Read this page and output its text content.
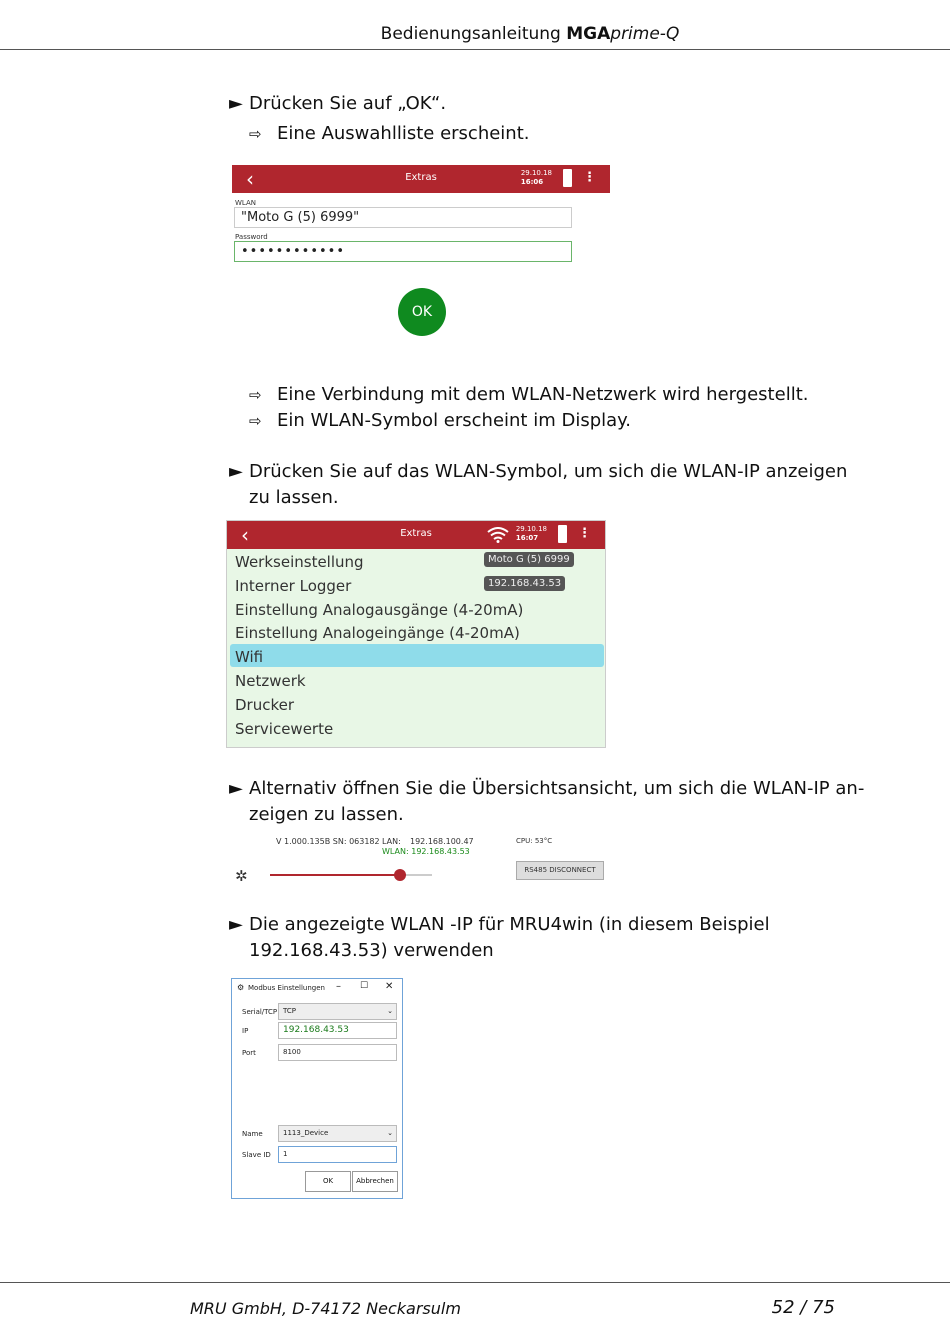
Bedienungsanleitung MGAprime-Q
► Drücken Sie auf „OK“.
⇨ Eine Auswahlliste erscheint.
‹	Extras	29.10.18
16:06	⋮
WLAN
"Moto G (5) 6999"
Password
••••••••••••
OK
⇨ Eine Verbindung mit dem WLAN-Netzwerk wird hergestellt.
⇨ Ein WLAN-Symbol erscheint im Display.
► Drücken Sie auf das WLAN-Symbol, um sich die WLAN-IP anzeigen
zu lassen.
‹	Extras	29.10.18
16:07	⋮
Werkseinstellung
Interner Logger
Einstellung Analogausgänge (4-20mA)
Einstellung Analogeingänge (4-20mA)
Wifi
Netzwerk
Drucker
Servicewerte
Moto G (5) 6999
192.168.43.53
► Alternativ öffnen Sie die Übersichtsansicht, um sich die WLAN-IP an-
zeigen zu lassen.
V 1.000.135B SN: 063182 LAN: 192.168.100.47
WLAN: 192.168.43.53
CPU: 53°C
✲	RS485 DISCONNECT
► Die angezeigte WLAN -IP für MRU4win (in diesem Beispiel
192.168.43.53) verwenden
⚙ Modbus Einstellungen – ☐ ✕
Serial/TCP TCP	⌄
IP	192.168.43.53
Port	8100
Name	1113_Device	⌄
Slave ID	1
OK	Abbrechen
MRU GmbH, D-74172 Neckarsulm	52 / 75
